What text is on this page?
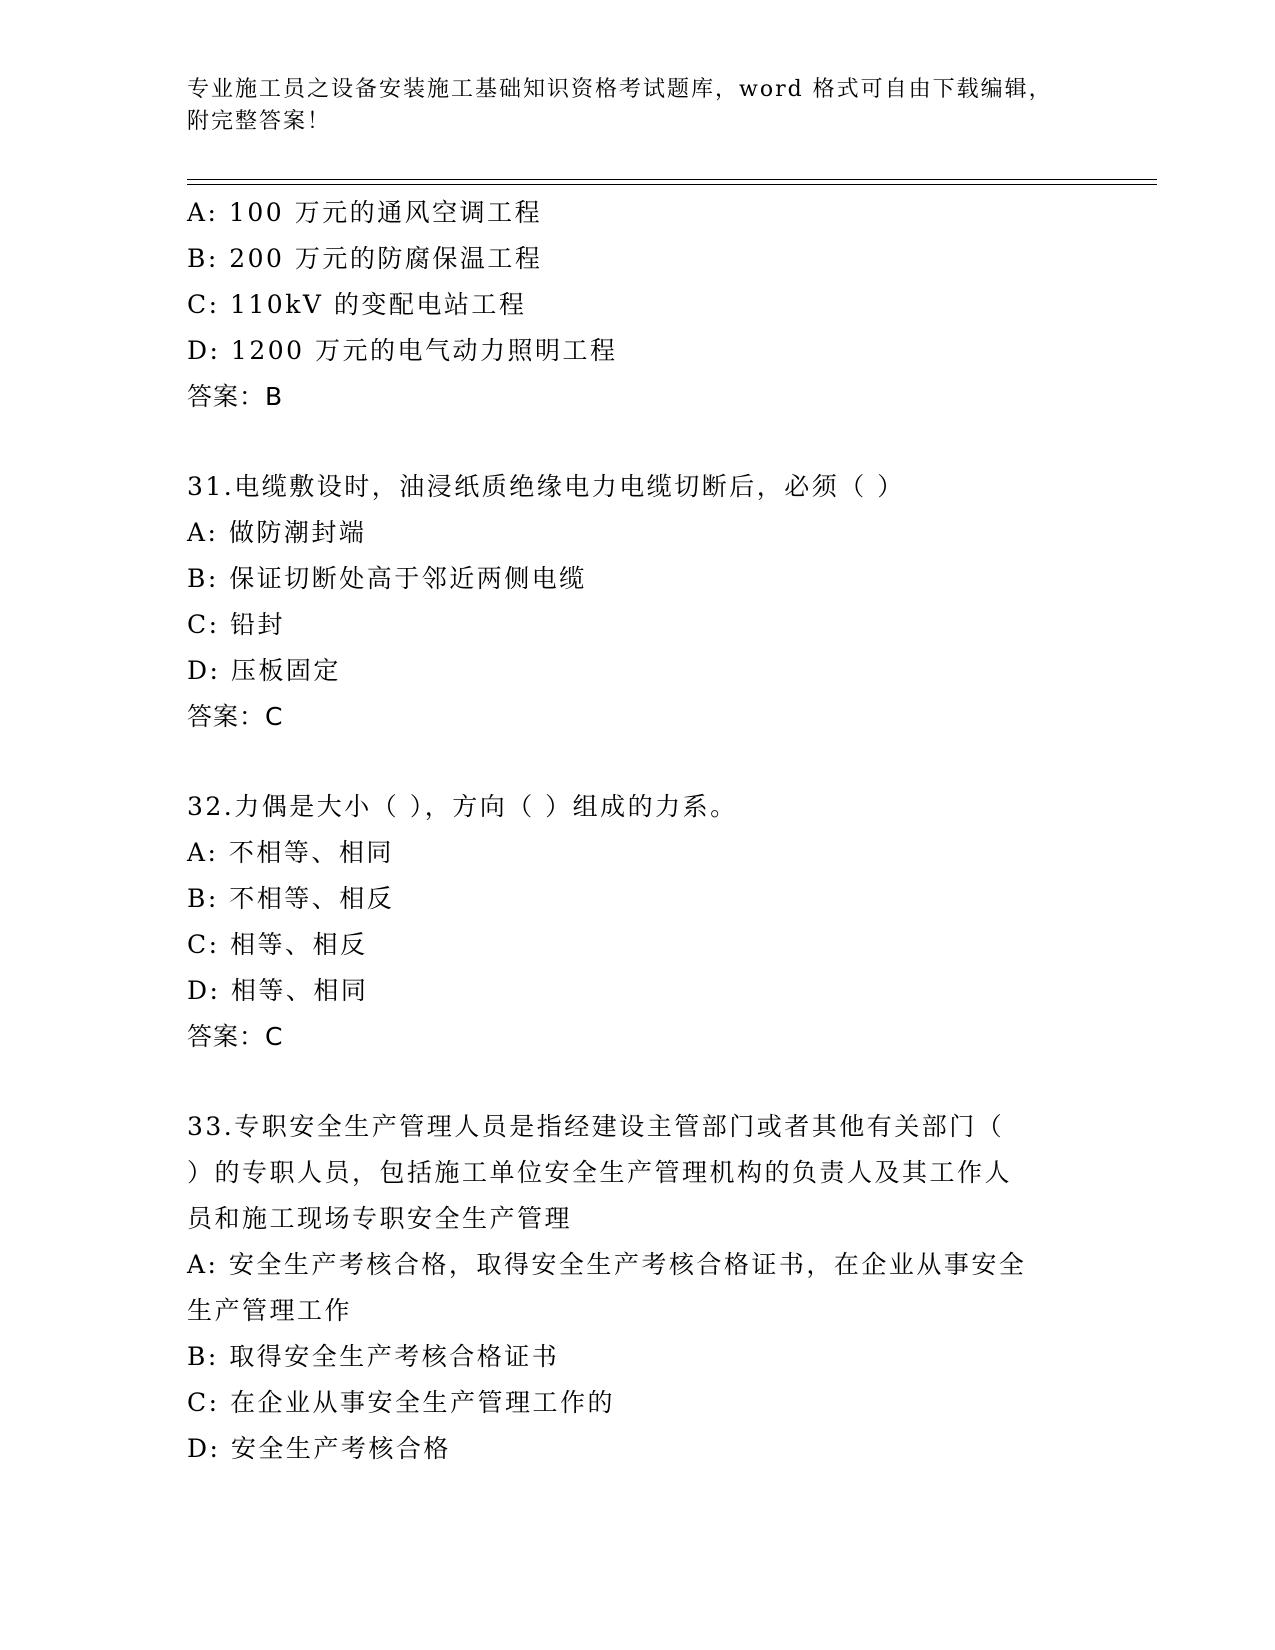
专业施工员之设备安装施工基础知识资格考试题库，word 格式可自由下载编辑，
附完整答案！
A: 100 万元的通风空调工程
B: 200 万元的防腐保温工程
C: 110kV 的变配电站工程
D: 1200 万元的电气动力照明工程
答案：B
31.电缆敷设时，油浸纸质绝缘电力电缆切断后，必须（ ）
A: 做防潮封端
B: 保证切断处高于邻近两侧电缆
C: 铅封
D: 压板固定
答案：C
32.力偶是大小（ ），方向（ ）组成的力系。
A: 不相等、相同
B: 不相等、相反
C: 相等、相反
D: 相等、相同
答案：C
33.专职安全生产管理人员是指经建设主管部门或者其他有关部门（
）的专职人员，包括施工单位安全生产管理机构的负责人及其工作人
员和施工现场专职安全生产管理
A: 安全生产考核合格，取得安全生产考核合格证书，在企业从事安全
生产管理工作
B: 取得安全生产考核合格证书
C: 在企业从事安全生产管理工作的
D: 安全生产考核合格
